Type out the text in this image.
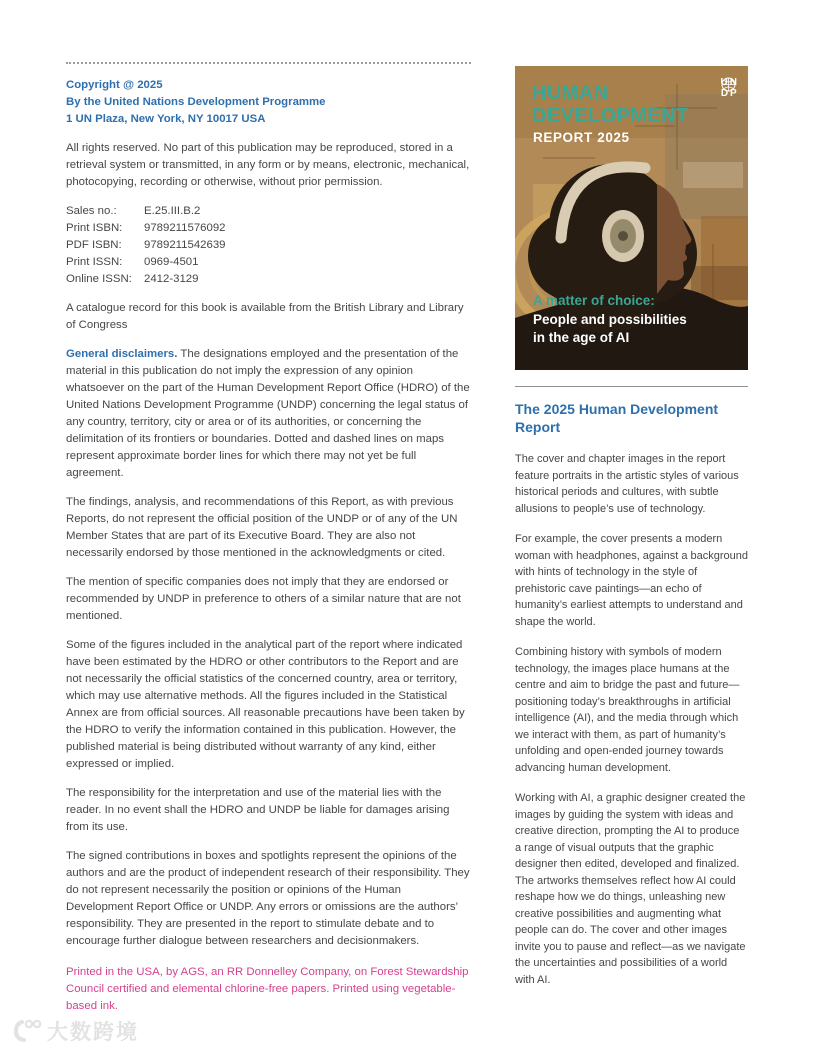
Copyright @ 2025
By the United Nations Development Programme
1 UN Plaza, New York, NY 10017 USA

All rights reserved. No part of this publication may be reproduced, stored in a retrieval system or transmitted, in any form or by means, electronic, mechanical, photocopying, recording or otherwise, without prior permission.

Sales no.:	E.25.III.B.2
Print ISBN:	9789211576092
PDF ISBN:	9789211542639
Print ISSN:	0969-4501
Online ISSN:	2412-3129

A catalogue record for this book is available from the British Library and Library of Congress

General disclaimers. The designations employed and the presentation of the material in this publication do not imply the expression of any opinion whatsoever on the part of the Human Development Report Office (HDRO) of the United Nations Development Programme (UNDP) concerning the legal status of any country, territory, city or area or of its authorities, or concerning the delimitation of its frontiers or boundaries. Dotted and dashed lines on maps represent approximate border lines for which there may not yet be full agreement.

The findings, analysis, and recommendations of this Report, as with previous Reports, do not represent the official position of the UNDP or of any of the UN Member States that are part of its Executive Board. They are also not necessarily endorsed by those mentioned in the acknowledgments or cited.

The mention of specific companies does not imply that they are endorsed or recommended by UNDP in preference to others of a similar nature that are not mentioned.

Some of the figures included in the analytical part of the report where indicated have been estimated by the HDRO or other contributors to the Report and are not necessarily the official statistics of the concerned country, area or territory, which may use alternative methods. All the figures included in the Statistical Annex are from official sources. All reasonable precautions have been taken by the HDRO to verify the information contained in this publication. However, the published material is being distributed without warranty of any kind, either expressed or implied.

The responsibility for the interpretation and use of the material lies with the reader. In no event shall the HDRO and UNDP be liable for damages arising from its use.

The signed contributions in boxes and spotlights represent the opinions of the authors and are the product of independent research of their responsibility. They do not represent necessarily the position or opinions of the Human Development Report Office or UNDP. Any errors or omissions are the authors’ responsibility. They are presented in the report to stimulate debate and to encourage further dialogue between researchers and decisionmakers.

Printed in the USA, by AGS, an RR Donnelley Company, on Forest Stewardship Council certified and elemental chlorine-free papers. Printed using vegetable-based ink.

HUMAN
DEVELOPMENT
REPORT 2025
UN
DP
A matter of choice:
People and possibilities
in the age of AI
The 2025 Human Development Report

The cover and chapter images in the report feature portraits in the artistic styles of various historical periods and cultures, with subtle allusions to people’s use of technology.

For example, the cover presents a modern woman with headphones, against a background with hints of technology in the style of prehistoric cave paintings—an echo of humanity’s earliest attempts to understand and shape the world.

Combining history with symbols of modern technology, the images place humans at the centre and aim to bridge the past and future—positioning today’s breakthroughs in artificial intelligence (AI), and the media through which we interact with them, as part of humanity’s unfolding and open-ended journey towards advancing human development.

Working with AI, a graphic designer created the images by guiding the system with ideas and creative direction, prompting the AI to produce a range of visual outputs that the graphic designer then edited, developed and finalized. The artworks themselves reflect how AI could reshape how we do things, unleashing new creative possibilities and augmenting what people can do. The cover and other images invite you to pause and reflect—as we navigate the uncertainties and possibilities of a world with AI.

大数跨境
